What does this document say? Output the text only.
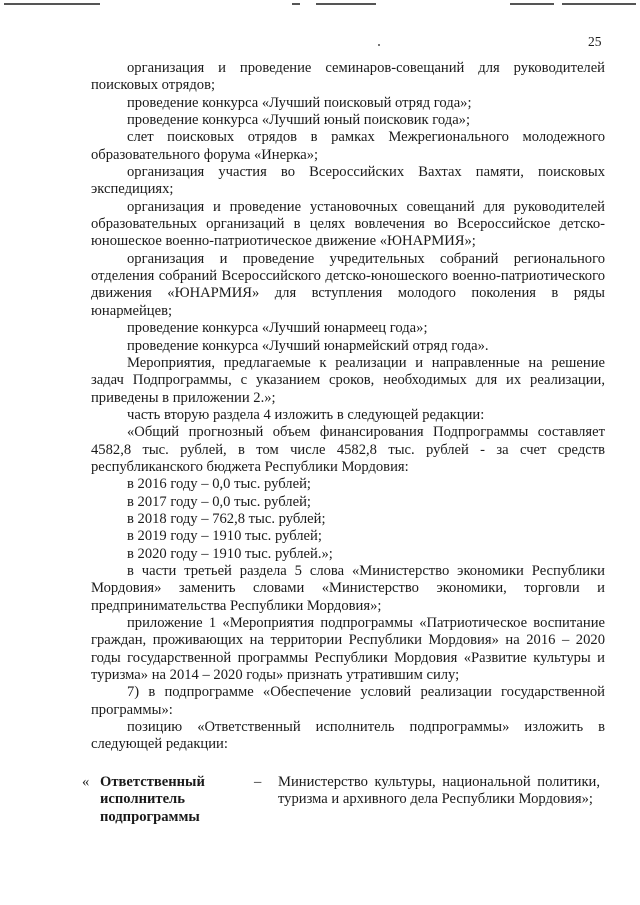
25

организация и проведение семинаров-совещаний для руководителей поисковых отрядов;

проведение конкурса «Лучший поисковый отряд года»;

проведение конкурса «Лучший юный поисковик года»;

слет поисковых отрядов в рамках Межрегионального молодежного образовательного форума «Инерка»;

организация участия во Всероссийских Вахтах памяти, поисковых экспедициях;

организация и проведение установочных совещаний для руководителей образовательных организаций в целях вовлечения во Всероссийское детско-юношеское военно-патриотическое движение «ЮНАРМИЯ»;

организация и проведение учредительных собраний регионального отделения собраний Всероссийского детско-юношеского военно-патриотического движения «ЮНАРМИЯ» для вступления молодого поколения в ряды юнармейцев;

проведение конкурса «Лучший юнармеец года»;

проведение конкурса «Лучший юнармейский отряд года».

Мероприятия, предлагаемые к реализации и направленные на решение задач Подпрограммы, с указанием сроков, необходимых для их реализации, приведены в приложении 2.»;

часть вторую раздела 4 изложить в следующей редакции:

«Общий прогнозный объем финансирования Подпрограммы составляет 4582,8 тыс. рублей, в том числе 4582,8 тыс. рублей - за счет средств республиканского бюджета Республики Мордовия:

в 2016 году – 0,0 тыс. рублей;

в 2017 году – 0,0 тыс. рублей;

в 2018 году – 762,8 тыс. рублей;

в 2019 году – 1910 тыс. рублей;

в 2020 году – 1910 тыс. рублей.»;

в части третьей раздела 5 слова «Министерство экономики Республики Мордовия» заменить словами «Министерство экономики, торговли и предпринимательства Республики Мордовия»;

приложение 1 «Мероприятия подпрограммы «Патриотическое воспитание граждан, проживающих на территории Республики Мордовия» на 2016 – 2020 годы государственной программы Республики Мордовия «Развитие культуры и туризма» на 2014 – 2020 годы» признать утратившим силу;

7) в подпрограмме «Обеспечение условий реализации государственной программы»:

позицию «Ответственный исполнитель подпрограммы» изложить в следующей редакции:

« Ответственный исполнитель подпрограммы
– Министерство культуры, национальной политики, туризма и архивного дела Республики Мордовия»;
